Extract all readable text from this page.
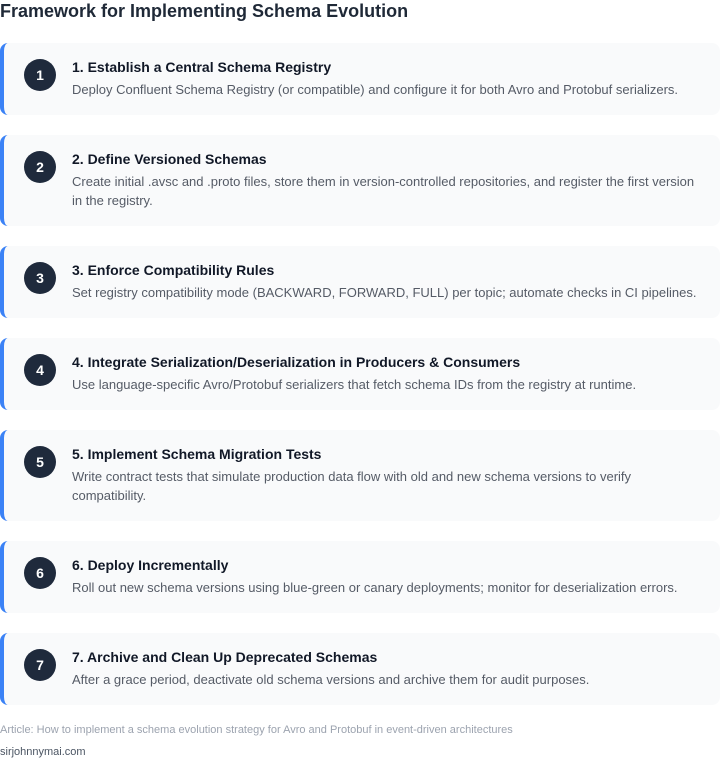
Framework for Implementing Schema Evolution
1	1. Establish a Central Schema Registry

Deploy Confluent Schema Registry (or compatible) and configure it for both Avro and Protobuf serializers.

2	2. Define Versioned Schemas

Create initial .avsc and .proto files, store them in version-controlled repositories, and register the first version in the registry.

3	3. Enforce Compatibility Rules

Set registry compatibility mode (BACKWARD, FORWARD, FULL) per topic; automate checks in CI pipelines.

4	4. Integrate Serialization/Deserialization in Producers & Consumers

Use language-specific Avro/Protobuf serializers that fetch schema IDs from the registry at runtime.

5	5. Implement Schema Migration Tests

Write contract tests that simulate production data flow with old and new schema versions to verify compatibility.

6	6. Deploy Incrementally

Roll out new schema versions using blue-green or canary deployments; monitor for deserialization errors.

7	7. Archive and Clean Up Deprecated Schemas

After a grace period, deactivate old schema versions and archive them for audit purposes.

Article: How to implement a schema evolution strategy for Avro and Protobuf in event-driven architectures
sirjohnnymai.com
